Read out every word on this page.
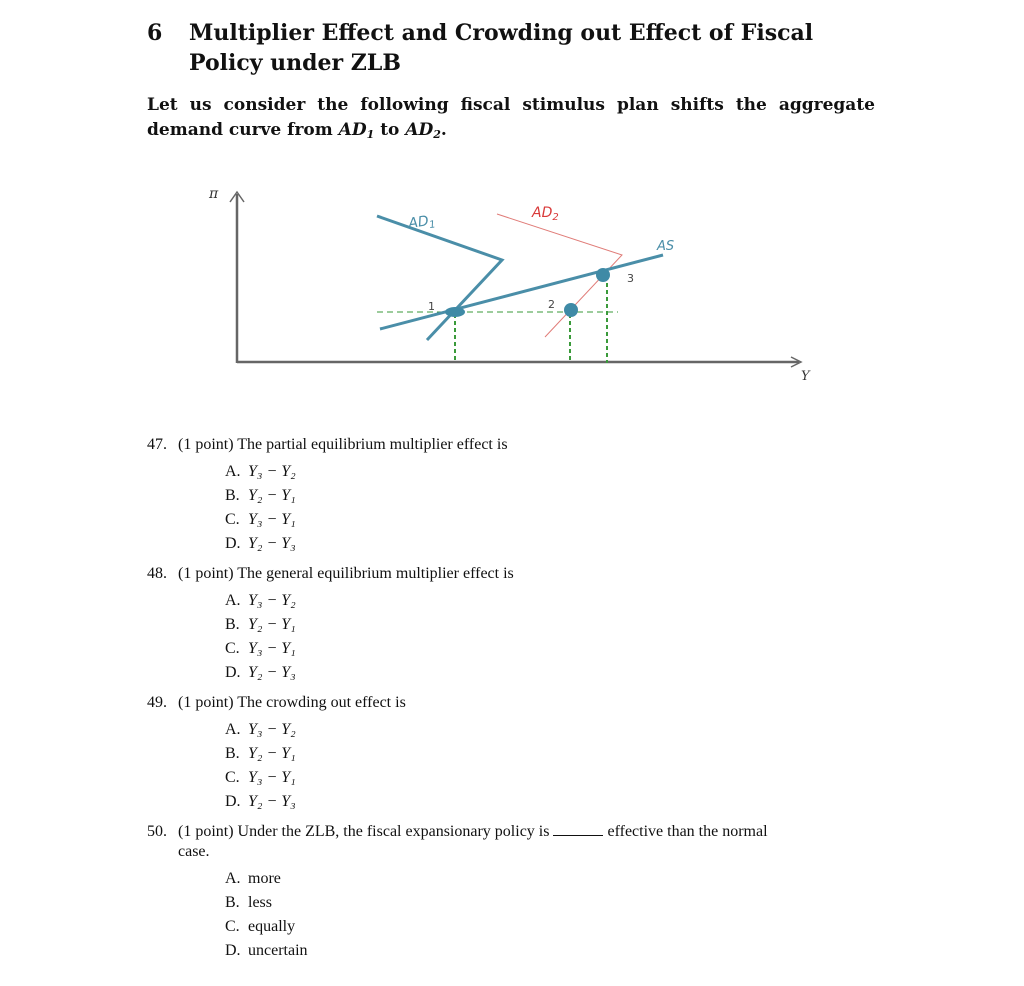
6 Multiplier Effect and Crowding out Effect of Fiscal Policy under ZLB
Let us consider the following fiscal stimulus plan shifts the aggregate demand curve from $AD_1$ to $AD_2$.
π
Y
$AD_1$
$AD_2$
AS
1	2
3
47. (1 point) The partial equilibrium multiplier effect is
A. Y₃ − Y₂
B. Y₂ − Y₁
C. Y₃ − Y₁
D. Y₂ − Y₃
48. (1 point) The general equilibrium multiplier effect is
A. Y₃ − Y₂
B. Y₂ − Y₁
C. Y₃ − Y₁
D. Y₂ − Y₃
49. (1 point) The crowding out effect is
A. Y₃ − Y₂
B. Y₂ − Y₁
C. Y₃ − Y₁
D. Y₂ − Y₃
50. (1 point) Under the ZLB, the fiscal expansionary policy is	effective than the normal
case.
A. more
B. less
C. equally
D. uncertain
